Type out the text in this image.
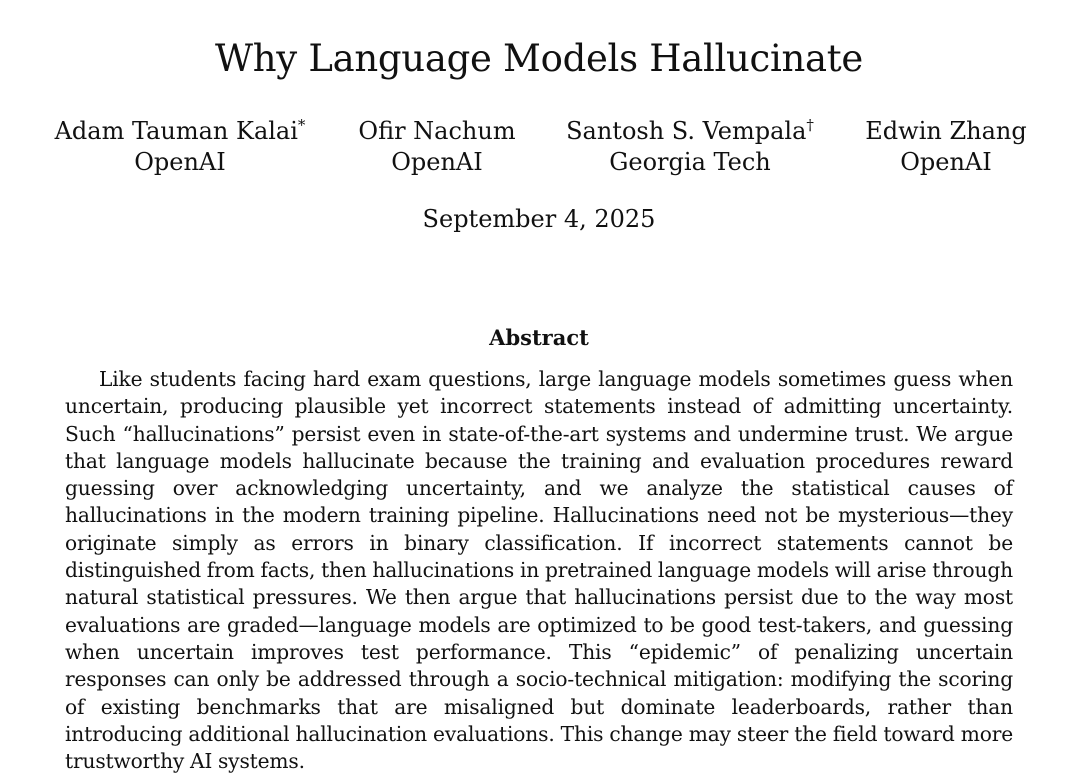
Why Language Models Hallucinate
Adam Tauman Kalai*
OpenAI
Ofir Nachum
OpenAI
Santosh S. Vempala†
Georgia Tech
Edwin Zhang
OpenAI
September 4, 2025
Abstract

Like students facing hard exam questions, large language models sometimes guess when uncertain, producing plausible yet incorrect statements instead of admitting uncertainty. Such “hallucinations” persist even in state-of-the-art systems and undermine trust. We argue that language models hallucinate because the training and evaluation procedures reward guessing over acknowledging uncertainty, and we analyze the statistical causes of hallucinations in the modern training pipeline. Hallucinations need not be mysterious—they originate simply as errors in binary classification. If incorrect statements cannot be distinguished from facts, then hallucinations in pretrained language models will arise through natural statistical pressures. We then argue that hallucinations persist due to the way most evaluations are graded—language models are optimized to be good test-takers, and guessing when uncertain improves test performance. This “epidemic” of penalizing uncertain responses can only be addressed through a socio-technical mitigation: modifying the scoring of existing benchmarks that are misaligned but dominate leaderboards, rather than introducing additional hallucination evaluations. This change may steer the field toward more trustworthy AI systems.
